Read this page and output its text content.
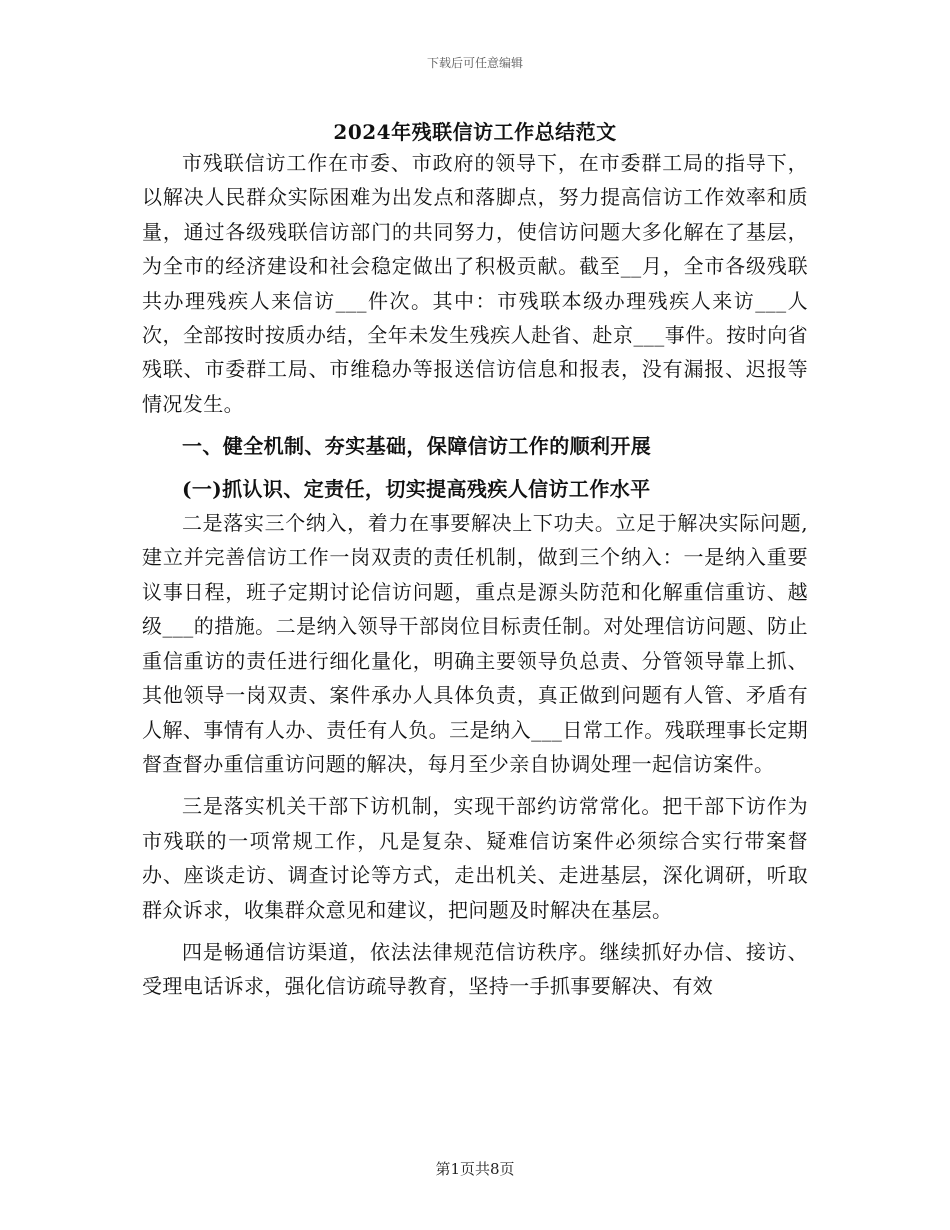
下载后可任意编辑
2024年残联信访工作总结范文

市残联信访工作在市委、市政府的领导下，在市委群工局的指导下，以解决人民群众实际困难为出发点和落脚点，努力提高信访工作效率和质量，通过各级残联信访部门的共同努力，使信访问题大多化解在了基层，为全市的经济建设和社会稳定做出了积极贡献。截至__月，全市各级残联共办理残疾人来信访___件次。其中：市残联本级办理残疾人来访___人次，全部按时按质办结，全年未发生残疾人赴省、赴京___事件。按时向省残联、市委群工局、市维稳办等报送信访信息和报表，没有漏报、迟报等情况发生。

一、健全机制、夯实基础，保障信访工作的顺利开展
(一)抓认识、定责任，切实提高残疾人信访工作水平

二是落实三个纳入，着力在事要解决上下功夫。立足于解决实际问题,建立并完善信访工作一岗双责的责任机制，做到三个纳入：一是纳入重要议事日程，班子定期讨论信访问题，重点是源头防范和化解重信重访、越级___的措施。二是纳入领导干部岗位目标责任制。对处理信访问题、防止重信重访的责任进行细化量化，明确主要领导负总责、分管领导靠上抓、其他领导一岗双责、案件承办人具体负责，真正做到问题有人管、矛盾有人解、事情有人办、责任有人负。三是纳入___日常工作。残联理事长定期督查督办重信重访问题的解决，每月至少亲自协调处理一起信访案件。

三是落实机关干部下访机制，实现干部约访常常化。把干部下访作为市残联的一项常规工作，凡是复杂、疑难信访案件必须综合实行带案督办、座谈走访、调查讨论等方式，走出机关、走进基层，深化调研，听取群众诉求，收集群众意见和建议，把问题及时解决在基层。

四是畅通信访渠道，依法法律规范信访秩序。继续抓好办信、接访、受理电话诉求，强化信访疏导教育，坚持一手抓事要解决、有效

第1页共8页
